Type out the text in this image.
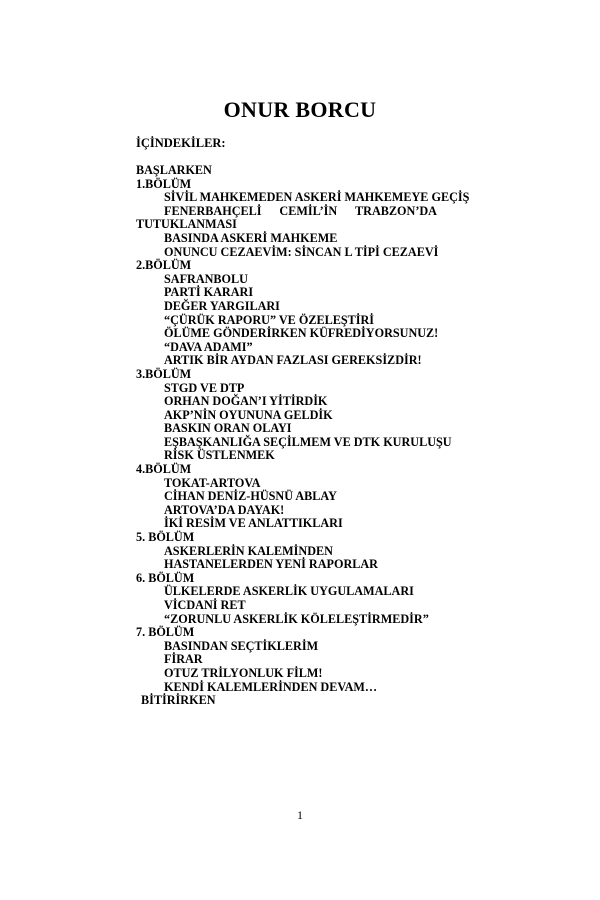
ONUR BORCU
İÇİNDEKİLER:
BAŞLARKEN
1.BÖLÜM
SİVİL MAHKEMEDEN ASKERİ MAHKEMEYE GEÇİŞ
FENERBAHÇELİ CEMİL’İN TRABZON’DA
TUTUKLANMASI
BASINDA ASKERİ MAHKEME
ONUNCU CEZAEVİM: SİNCAN L TİPİ CEZAEVİ
2.BÖLÜM
SAFRANBOLU
PARTİ KARARI
DEĞER YARGILARI
“ÇÜRÜK RAPORU” VE ÖZELEŞTİRİ
ÖLÜME GÖNDERİRKEN KÜFREDİYORSUNUZ!
“DAVA ADAMI”
ARTIK BİR AYDAN FAZLASI GEREKSİZDİR!
3.BÖLÜM
STGD VE DTP
ORHAN DOĞAN’I YİTİRDİK
AKP’NİN OYUNUNA GELDİK
BASKIN ORAN OLAYI
EŞBAŞKANLIĞA SEÇİLMEM VE DTK KURULUŞU
RİSK ÜSTLENMEK
4.BÖLÜM
TOKAT-ARTOVA
CİHAN DENİZ-HÜSNÜ ABLAY
ARTOVA’DA DAYAK!
İKİ RESİM VE ANLATTIKLARI
5. BÖLÜM
ASKERLERİN KALEMİNDEN
HASTANELERDEN YENİ RAPORLAR
6. BÖLÜM
ÜLKELERDE ASKERLİK UYGULAMALARI
VİCDANİ RET
“ZORUNLU ASKERLİK KÖLELEŞTİRMEDİR”
7. BÖLÜM
BASINDAN SEÇTİKLERİM
FİRAR
OTUZ TRİLYONLUK FİLM!
KENDİ KALEMLERİNDEN DEVAM…
BİTİRİRKEN
1
